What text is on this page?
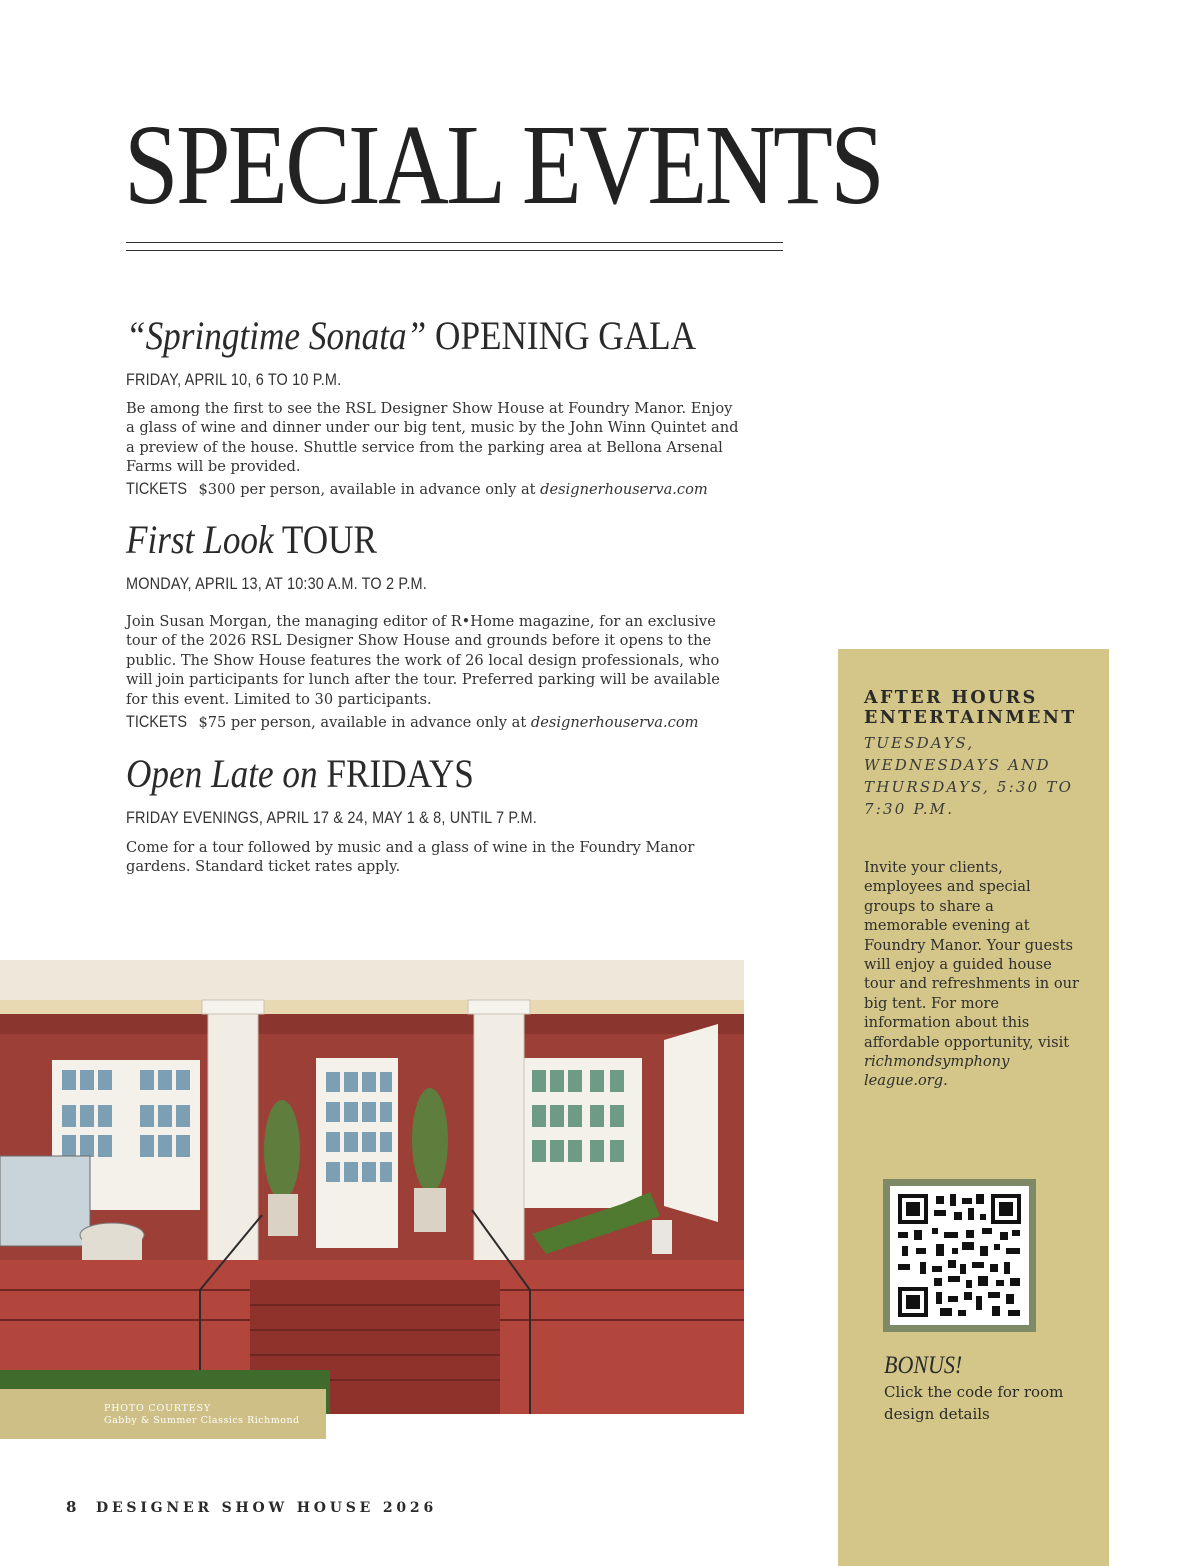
SPECIAL EVENTS
“Springtime Sonata” OPENING GALA
FRIDAY, APRIL 10, 6 TO 10 P.M.
Be among the first to see the RSL Designer Show House at Foundry Manor. Enjoy a glass of wine and dinner under our big tent, music by the John Winn Quintet and a preview of the house. Shuttle service from the parking area at Bellona Arsenal Farms will be provided.
TICKETS $300 per person, available in advance only at designerhouserva.com
First Look TOUR
MONDAY, APRIL 13, AT 10:30 A.M. TO 2 P.M.
Join Susan Morgan, the managing editor of R•Home magazine, for an exclusive tour of the 2026 RSL Designer Show House and grounds before it opens to the public. The Show House features the work of 26 local design professionals, who will join participants for lunch after the tour. Preferred parking will be available for this event. Limited to 30 participants.
TICKETS $75 per person, available in advance only at designerhouserva.com
Open Late on FRIDAYS
FRIDAY EVENINGS, APRIL 17 & 24, MAY 1 & 8, UNTIL 7 P.M.
Come for a tour followed by music and a glass of wine in the Foundry Manor gardens. Standard ticket rates apply.
PHOTO COURTESY
Gabby & Summer Classics Richmond
AFTER HOURS ENTERTAINMENT
TUESDAYS, WEDNESDAYS AND THURSDAYS, 5:30 TO 7:30 P.M.
Invite your clients, employees and special groups to share a memorable evening at Foundry Manor. Your guests will enjoy a guided house tour and refreshments in our big tent. For more information about this affordable opportunity, visit richmondsymphony league.org.
BONUS!
Click the code for room design details
8 DESIGNER SHOW HOUSE 2026
